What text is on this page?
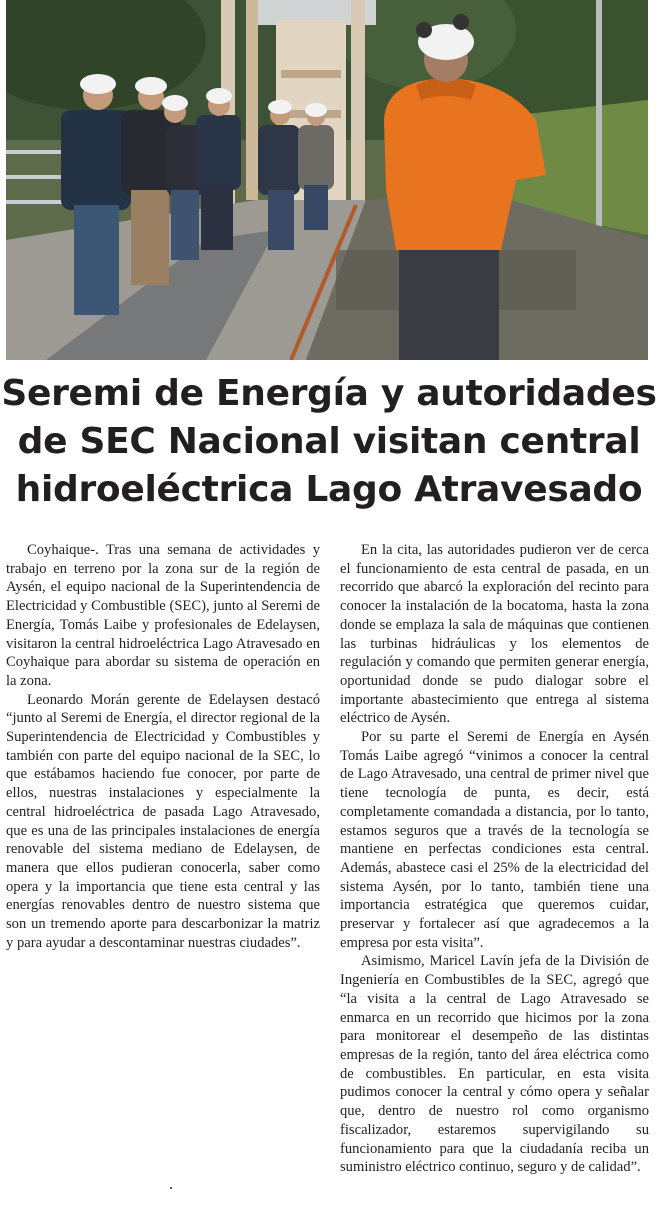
Seremi de Energía y autoridades
de SEC Nacional visitan central
hidroeléctrica Lago Atravesado

Coyhaique-. Tras una semana de actividades y trabajo en terreno por la zona sur de la región de Aysén, el equipo nacional de la Superintendencia de Electricidad y Combustible (SEC), junto al Seremi de Energía, Tomás Laibe y profesionales de Edelaysen, visitaron la central hidroeléctrica Lago Atravesado en Coyhaique para abordar su sistema de operación en la zona.

Leonardo Morán gerente de Edelaysen destacó “junto al Seremi de Energía, el director regional de la Superintendencia de Electricidad y Combustibles y también con parte del equipo nacional de la SEC, lo que estábamos haciendo fue conocer, por parte de ellos, nuestras instalaciones y especialmente la central hidroeléctrica de pasada Lago Atravesado, que es una de las principales instalaciones de energía renovable del sistema mediano de Edelaysen, de manera que ellos pudieran conocerla, saber como opera y la importancia que tiene esta central y las energías renovables dentro de nuestro sistema que son un tremendo aporte para descarbonizar la matriz y para ayudar a descontaminar nuestras ciudades”.

En la cita, las autoridades pudieron ver de cerca el funcionamiento de esta central de pasada, en un recorrido que abarcó la exploración del recinto para conocer la instalación de la bocatoma, hasta la zona donde se emplaza la sala de máquinas que contienen las turbinas hidráulicas y los elementos de regulación y comando que permiten generar energía, oportunidad donde se pudo dialogar sobre el importante abastecimiento que entrega al sistema eléctrico de Aysén.

Por su parte el Seremi de Energía en Aysén Tomás Laibe agregó “vinimos a conocer la central de Lago Atravesado, una central de primer nivel que tiene tecnología de punta, es decir, está completamente comandada a distancia, por lo tanto, estamos seguros que a través de la tecnología se mantiene en perfectas condiciones esta central. Además, abastece casi el 25% de la electricidad del sistema Aysén, por lo tanto, también tiene una importancia estratégica que queremos cuidar, preservar y fortalecer así que agradecemos a la empresa por esta visita”.

Asimismo, Maricel Lavín jefa de la División de Ingeniería en Combustibles de la SEC, agregó que “la visita a la central de Lago Atravesado se enmarca en un recorrido que hicimos por la zona para monitorear el desempeño de las distintas empresas de la región, tanto del área eléctrica como de combustibles. En particular, en esta visita pudimos conocer la central y cómo opera y señalar que, dentro de nuestro rol como organismo fiscalizador, estaremos supervigilando su funcionamiento para que la ciudadanía reciba un suministro eléctrico continuo, seguro y de calidad”.
